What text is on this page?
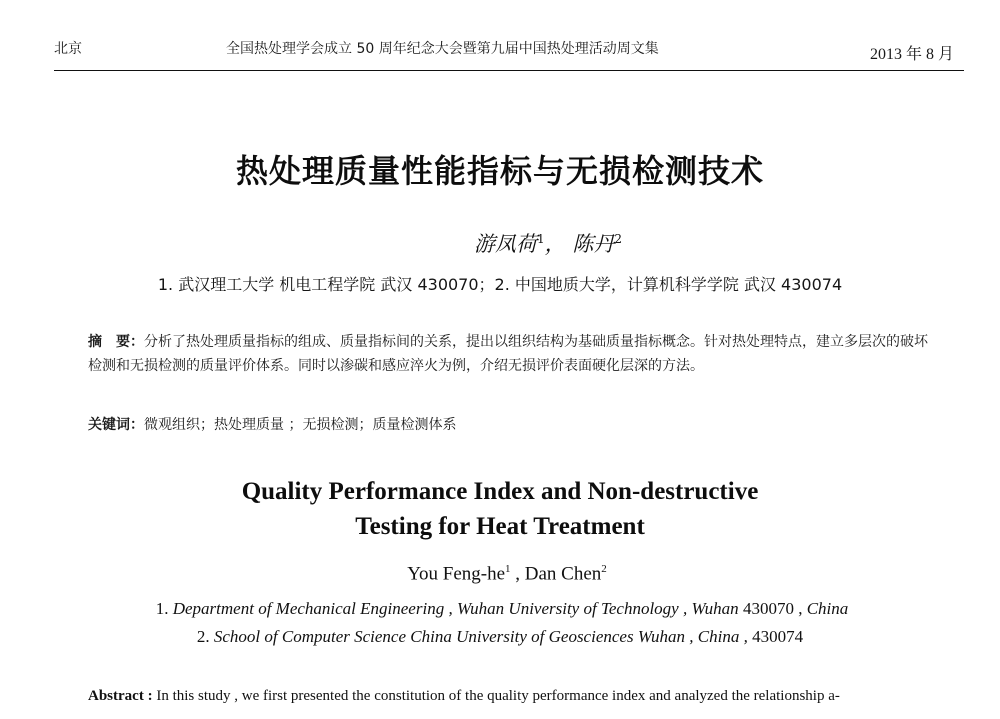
北京	全国热处理学会成立 50 周年纪念大会暨第九届中国热处理活动周文集	2013 年 8 月
热处理质量性能指标与无损检测技术
游凤荷$^1$， 陈丹$^2$
1. 武汉理工大学 机电工程学院 武汉 430070；2. 中国地质大学，计算机科学学院 武汉 430074
摘　要：分析了热处理质量指标的组成、质量指标间的关系，提出以组织结构为基础质量指标概念。针对热处理特点，建立多层次的破坏检测和无损检测的质量评价体系。同时以渗碳和感应淬火为例，介绍无损评价表面硬化层深的方法。
关键词：微观组织；热处理质量 ；无损检测；质量检测体系
Quality Performance Index and Non-destructive
Testing for Heat Treatment
You Feng-$he^1$ , Dan Chen$^2$
1. Department of Mechanical Engineering , Wuhan University of Technology , Wuhan 430070 , China
2. School of Computer Science China University of Geosciences Wuhan , China , 430074
Abstract : In this study , we first presented the constitution of the quality performance index and analyzed the relationship a-
